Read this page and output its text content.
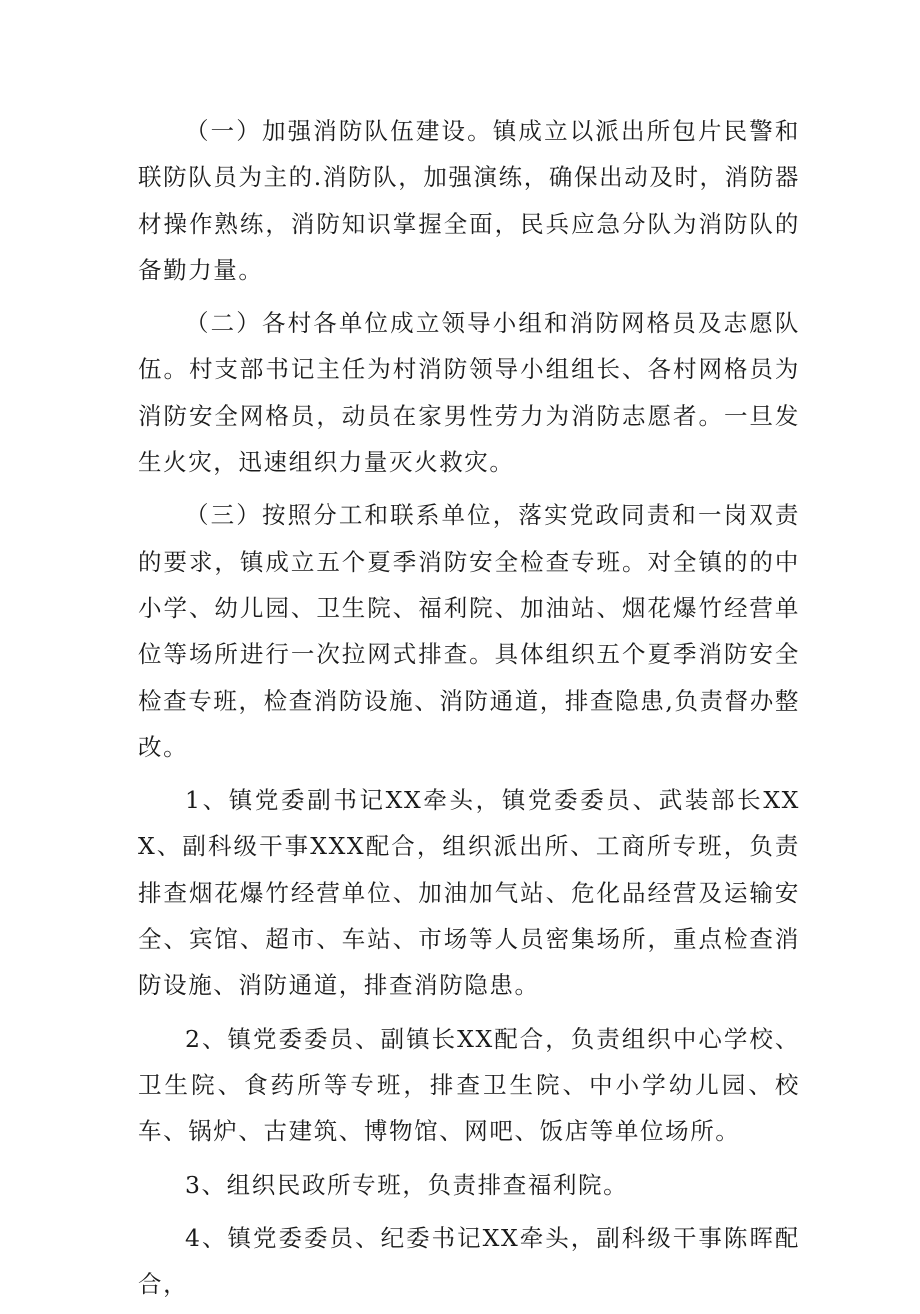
（一）加强消防队伍建设。镇成立以派出所包片民警和联防队员为主的.消防队，加强演练，确保出动及时，消防器材操作熟练，消防知识掌握全面，民兵应急分队为消防队的备勤力量。

（二）各村各单位成立领导小组和消防网格员及志愿队伍。村支部书记主任为村消防领导小组组长、各村网格员为消防安全网格员，动员在家男性劳力为消防志愿者。一旦发生火灾，迅速组织力量灭火救灾。

（三）按照分工和联系单位，落实党政同责和一岗双责的要求，镇成立五个夏季消防安全检查专班。对全镇的的中小学、幼儿园、卫生院、福利院、加油站、烟花爆竹经营单位等场所进行一次拉网式排查。具体组织五个夏季消防安全检查专班，检查消防设施、消防通道，排查隐患,负责督办整改。

1、镇党委副书记XX牵头，镇党委委员、武装部长XXX、副科级干事XXX配合，组织派出所、工商所专班，负责排查烟花爆竹经营单位、加油加气站、危化品经营及运输安全、宾馆、超市、车站、市场等人员密集场所，重点检查消防设施、消防通道，排查消防隐患。

2、镇党委委员、副镇长XX配合，负责组织中心学校、卫生院、食药所等专班，排查卫生院、中小学幼儿园、校车、锅炉、古建筑、博物馆、网吧、饭店等单位场所。

3、组织民政所专班，负责排查福利院。

4、镇党委委员、纪委书记XX牵头，副科级干事陈晖配合，
